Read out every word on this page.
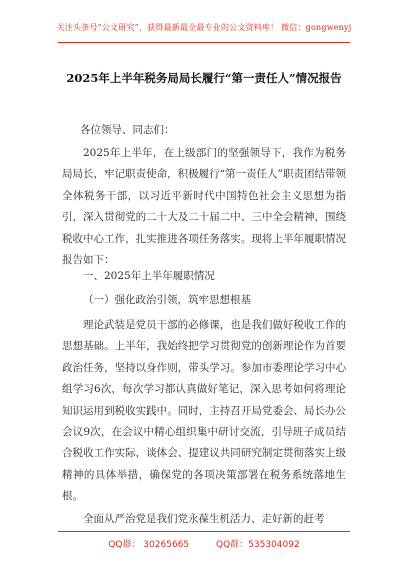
关注头条号“公文研究”，获得最新最全最专业的公文资料库！ 微信：gongwenyj
2025年上半年税务局局长履行“第一责任人”情况报告
各位领导、同志们：
2025年上半年，在上级部门的坚强领导下，我作为税务局局长，牢记职责使命，积极履行“第一责任人”职责团结带领全体税务干部，以习近平新时代中国特色社会主义思想为指引，深入贯彻党的二十大及二十届二中、三中全会精神，围绕税收中心工作，扎实推进各项任务落实。现将上半年履职情况报告如下：
一、2025年上半年履职情况
（一）强化政治引领，筑牢思想根基
理论武装是党员干部的必修课，也是我们做好税收工作的思想基础。上半年，我始终把学习贯彻党的创新理论作为首要政治任务，坚持以身作则，带头学习。参加市委理论学习中心组学习6次，每次学习都认真做好笔记，深入思考如何将理论知识运用到税收实践中。同时，主持召开局党委会、局长办公会议9次，在会议中精心组织集中研讨交流，引导班子成员结合税收工作实际，谈体会、提建议共同研究制定贯彻落实上级精神的具体举措，确保党的各项决策部署在税务系统落地生根。
全面从严治党是我们党永葆生机活力、走好新的赶考
QQ群： 30265665	QQ群：535304092
